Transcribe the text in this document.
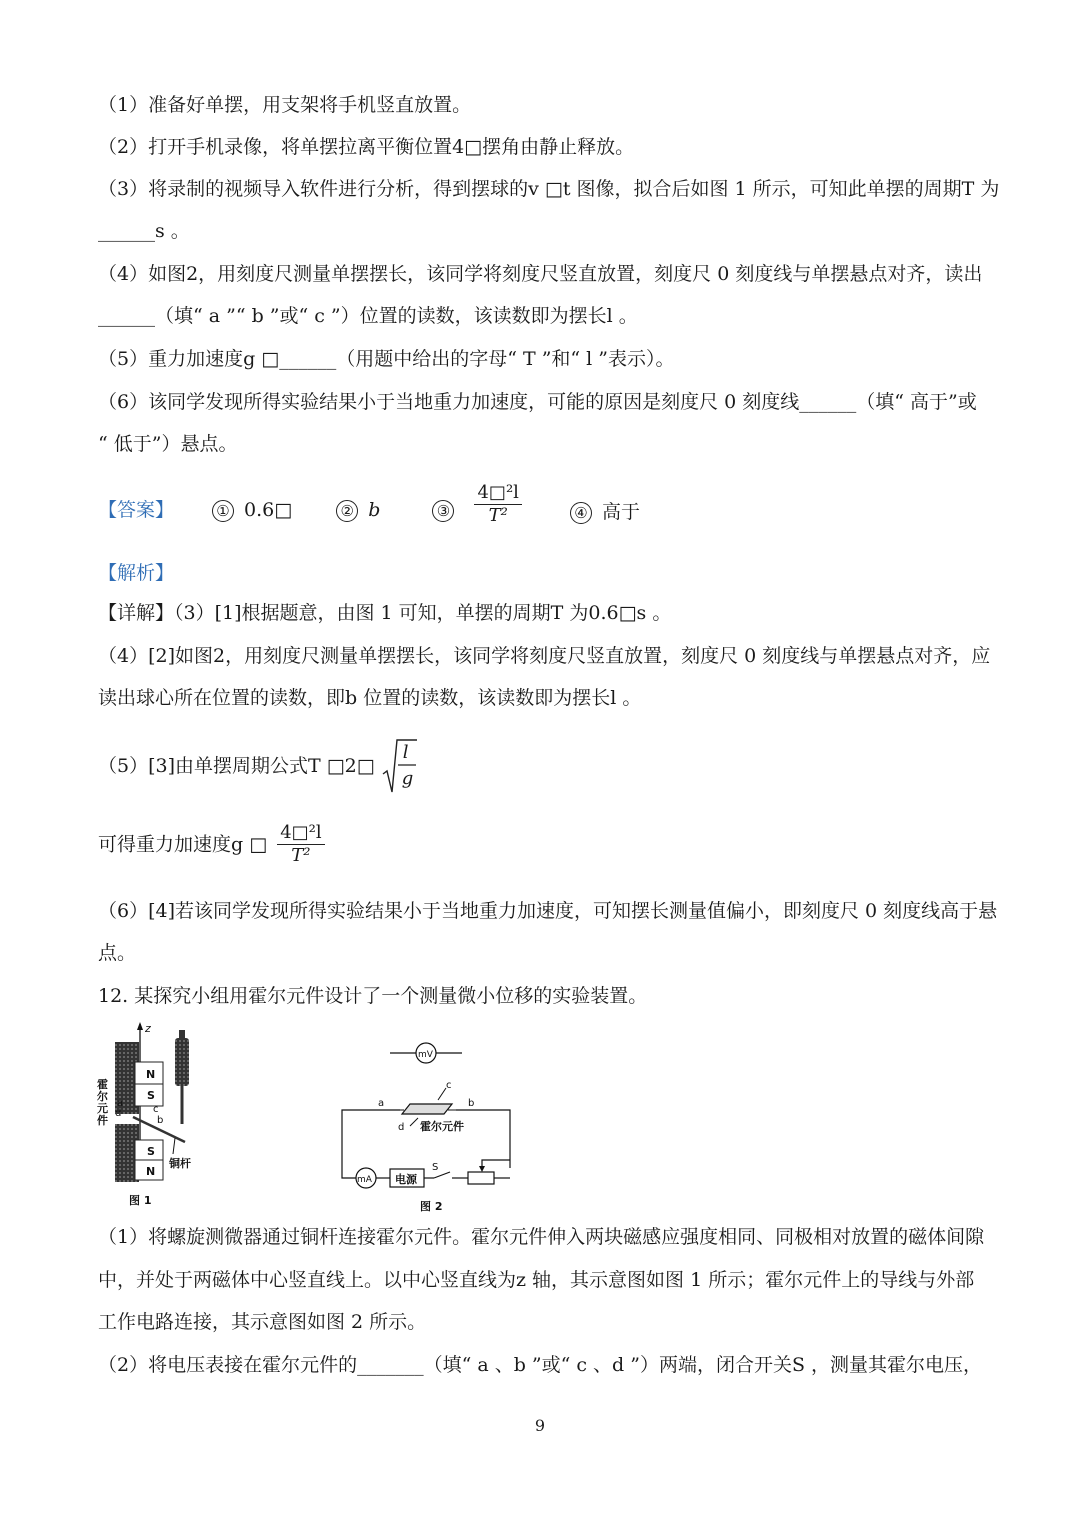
（1）准备好单摆，用支架将手机竖直放置。
（2）打开手机录像，将单摆拉离平衡位置4□摆角由静止释放。
（3）将录制的视频导入软件进行分析，得到摆球的v □t 图像，拟合后如图 1 所示，可知此单摆的周期T 为
______s 。
（4）如图2，用刻度尺测量单摆摆长，该同学将刻度尺竖直放置，刻度尺 0 刻度线与单摆悬点对齐，读出
______（填“ a ”“ b ”或“ c ”）位置的读数，该读数即为摆长l 。
（5）重力加速度g □______（用题中给出的字母“ T ”和“ l ”表示）。
（6）该同学发现所得实验结果小于当地重力加速度，可能的原因是刻度尺 0 刻度线______（填“ 高于”或
“ 低于”）悬点。
【答案】	① 0.6□	② b	③ $\frac{\text{4□²l}}{\text{T²}}$	④ 高于
【解析】
【详解】（3）[1]根据题意，由图 1 可知，单摆的周期T 为0.6□s 。
（4）[2]如图2，用刻度尺测量单摆摆长，该同学将刻度尺竖直放置，刻度尺 0 刻度线与单摆悬点对齐，应
读出球心所在位置的读数，即b 位置的读数，该读数即为摆长l 。
（5）[3]由单摆周期公式T □2□
l
g
可得重力加速度g □ $\frac{\text{4□²l}}{\text{T²}}$
（6）[4]若该同学发现所得实验结果小于当地重力加速度，可知摆长测量值偏小，即刻度尺 0 刻度线高于悬
点。
12. 某探究小组用霍尔元件设计了一个测量微小位移的实验装置。
z
N
S
S
N
铜杆
霍
尔
元
件
a
d	c
b
图 1
mV
a	b
c
d 霍尔元件
mA 电源
S
图 2
（1）将螺旋测微器通过铜杆连接霍尔元件。霍尔元件伸入两块磁感应强度相同、同极相对放置的磁体间隙
中，并处于两磁体中心竖直线上。以中心竖直线为z 轴，其示意图如图 1 所示；霍尔元件上的导线与外部
工作电路连接，其示意图如图 2 所示。
（2）将电压表接在霍尔元件的_______（填“ a 、b ”或“ c 、d ”）两端，闭合开关S ，测量其霍尔电压，
9
